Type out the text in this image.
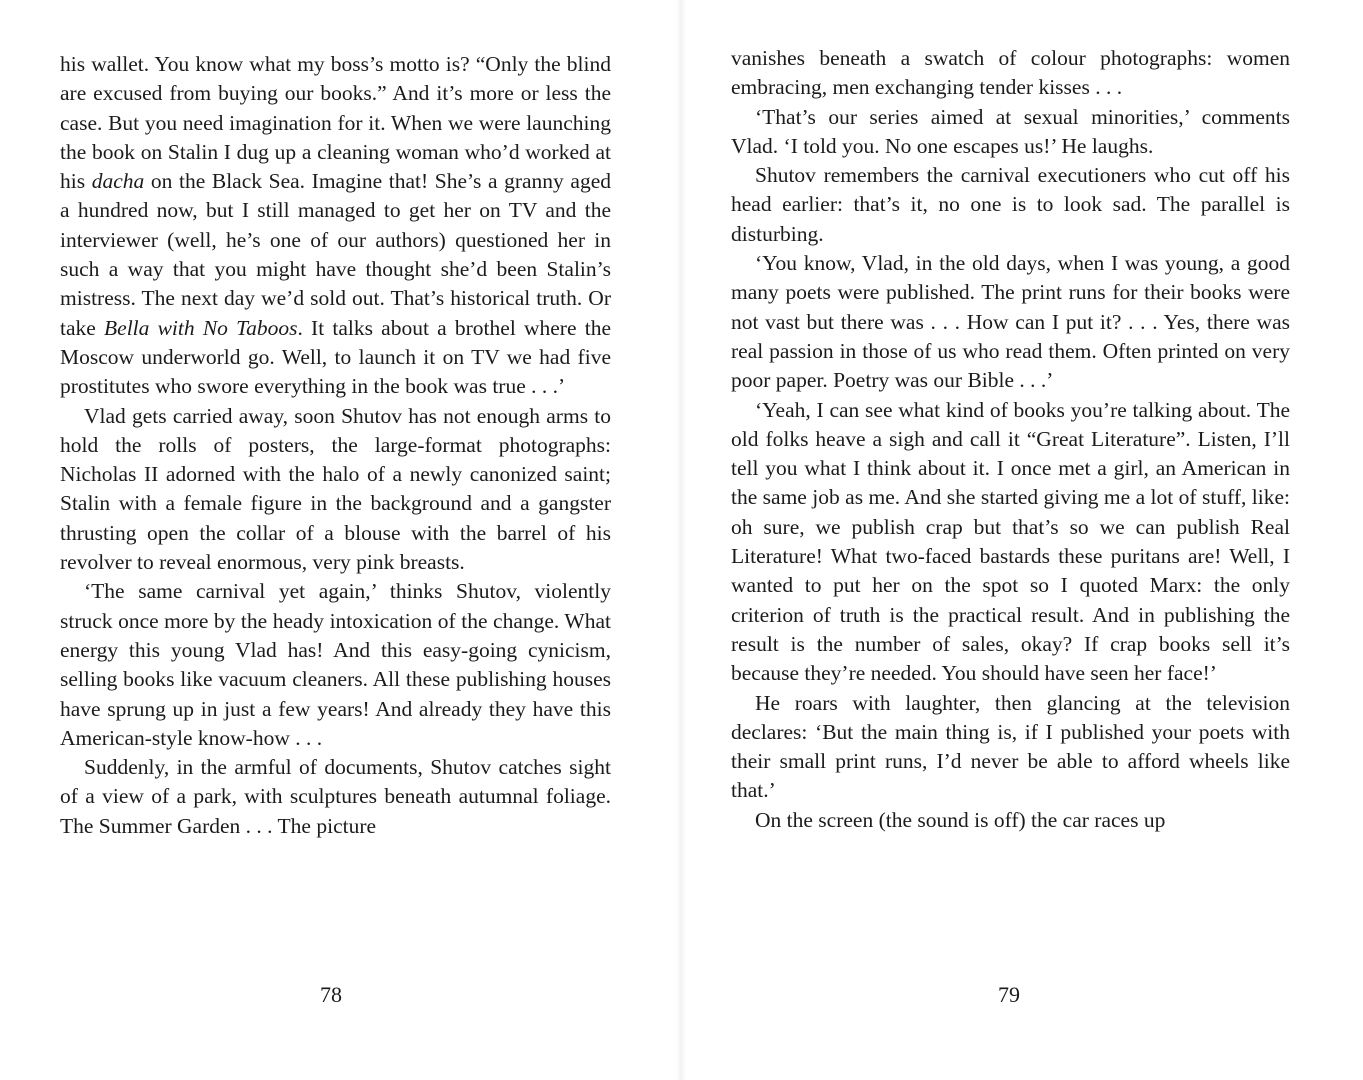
his wallet. You know what my boss’s motto is? “Only the blind are excused from buying our books.” And it’s more or less the case. But you need imagination for it. When we were launching the book on Stalin I dug up a cleaning woman who’d worked at his dacha on the Black Sea. Imagine that! She’s a granny aged a hundred now, but I still managed to get her on TV and the interviewer (well, he’s one of our authors) questioned her in such a way that you might have thought she’d been Stalin’s mistress. The next day we’d sold out. That’s historical truth. Or take Bella with No Taboos. It talks about a brothel where the Moscow underworld go. Well, to launch it on TV we had five prostitutes who swore everything in the book was true . . .’

Vlad gets carried away, soon Shutov has not enough arms to hold the rolls of posters, the large-format photographs: Nicholas II adorned with the halo of a newly canonized saint; Stalin with a female figure in the background and a gangster thrusting open the collar of a blouse with the barrel of his revolver to reveal enormous, very pink breasts.

‘The same carnival yet again,’ thinks Shutov, violently struck once more by the heady intoxication of the change. What energy this young Vlad has! And this easy-going cynicism, selling books like vacuum cleaners. All these publishing houses have sprung up in just a few years! And already they have this American-style know-how . . .

Suddenly, in the armful of documents, Shutov catches sight of a view of a park, with sculptures beneath autumnal foliage. The Summer Garden . . . The picture

78

vanishes beneath a swatch of colour photographs: women embracing, men exchanging tender kisses . . .

‘That’s our series aimed at sexual minorities,’ comments Vlad. ‘I told you. No one escapes us!’ He laughs.

Shutov remembers the carnival executioners who cut off his head earlier: that’s it, no one is to look sad. The parallel is disturbing.

‘You know, Vlad, in the old days, when I was young, a good many poets were published. The print runs for their books were not vast but there was . . . How can I put it? . . . Yes, there was real passion in those of us who read them. Often printed on very poor paper. Poetry was our Bible . . .’

‘Yeah, I can see what kind of books you’re talking about. The old folks heave a sigh and call it “Great Literature”. Listen, I’ll tell you what I think about it. I once met a girl, an American in the same job as me. And she started giving me a lot of stuff, like: oh sure, we publish crap but that’s so we can publish Real Literature! What two-faced bastards these puritans are! Well, I wanted to put her on the spot so I quoted Marx: the only criterion of truth is the practical result. And in publishing the result is the number of sales, okay? If crap books sell it’s because they’re needed. You should have seen her face!’

He roars with laughter, then glancing at the television declares: ‘But the main thing is, if I published your poets with their small print runs, I’d never be able to afford wheels like that.’

On the screen (the sound is off) the car races up

79
